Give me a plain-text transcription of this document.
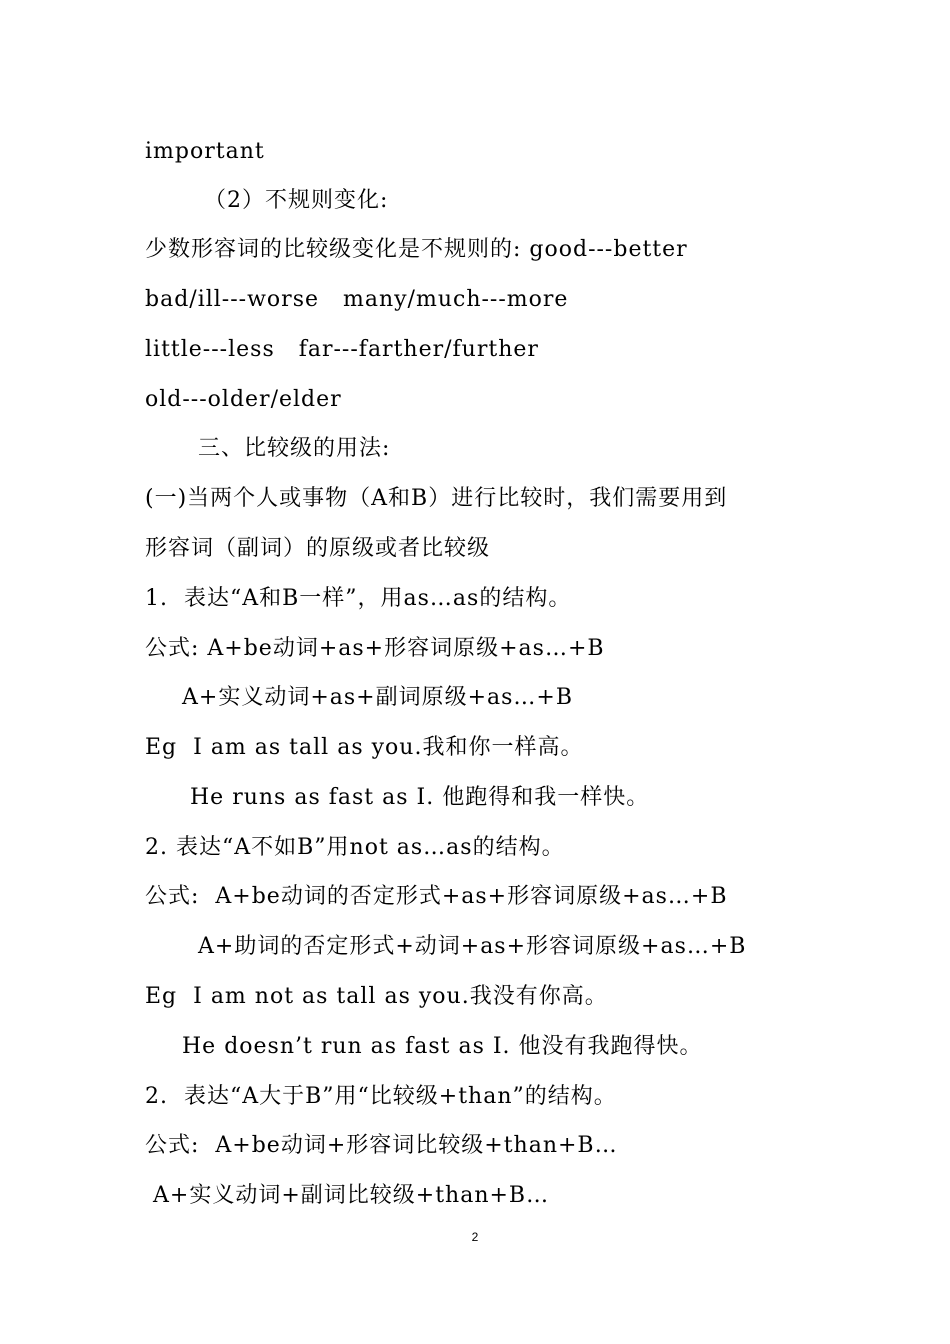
important
（2）不规则变化:
少数形容词的比较级变化是不规则的: good---better
bad/ill---worse   many/much---more
little---less   far---farther/further
old---older/elder
三、比较级的用法:
(一)当两个人或事物（A和B）进行比较时，我们需要用到
形容词（副词）的原级或者比较级
1.  表达“A和B一样”，用as…as的结构。
公式: A+be动词+as+形容词原级+as…+B
A+实义动词+as+副词原级+as…+B
Eg  I am as tall as you.我和你一样高。
He runs as fast as I. 他跑得和我一样快。
2. 表达“A不如B”用not as…as的结构。
公式:  A+be动词的否定形式+as+形容词原级+as…+B
A+助词的否定形式+动词+as+形容词原级+as…+B
Eg  I am not as tall as you.我没有你高。
He doesn’t run as fast as I. 他没有我跑得快。
2.  表达“A大于B”用“比较级+than”的结构。
公式:  A+be动词+形容词比较级+than+B…
A+实义动词+副词比较级+than+B…
2
